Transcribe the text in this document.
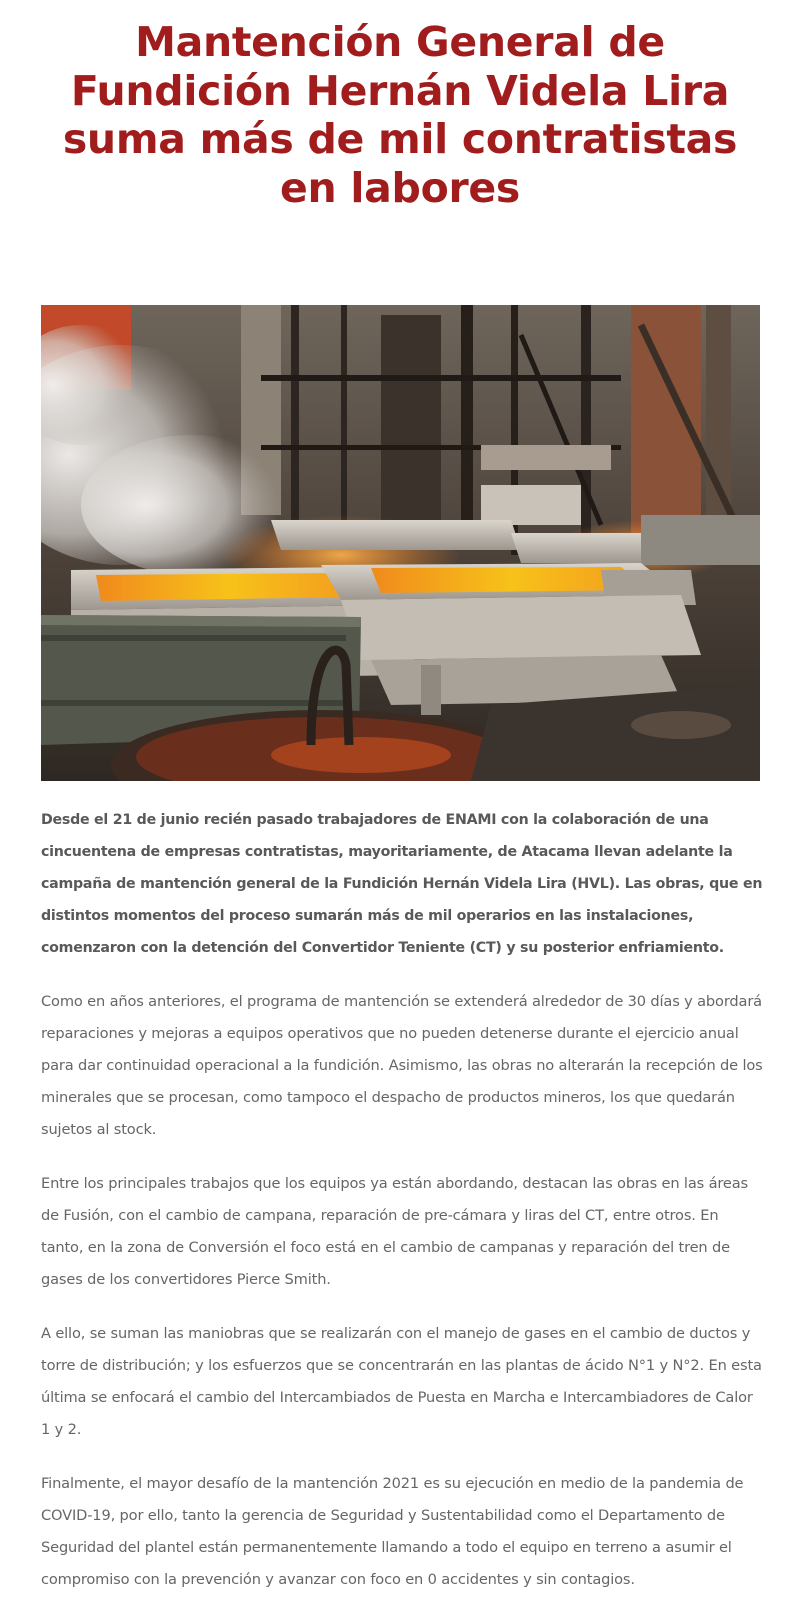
Mantención General de Fundición Hernán Videla Lira suma más de mil contratistas en labores

Desde el 21 de junio recién pasado trabajadores de ENAMI con la colaboración de una cincuentena de empresas contratistas, mayoritariamente, de Atacama llevan adelante la campaña de mantención general de la Fundición Hernán Videla Lira (HVL). Las obras, que en distintos momentos del proceso sumarán más de mil operarios en las instalaciones, comenzaron con la detención del Convertidor Teniente (CT) y su posterior enfriamiento.

Como en años anteriores, el programa de mantención se extenderá alrededor de 30 días y abordará reparaciones y mejoras a equipos operativos que no pueden detenerse durante el ejercicio anual para dar continuidad operacional a la fundición. Asimismo, las obras no alterarán la recepción de los minerales que se procesan, como tampoco el despacho de productos mineros, los que quedarán sujetos al stock.

Entre los principales trabajos que los equipos ya están abordando, destacan las obras en las áreas de Fusión, con el cambio de campana, reparación de pre-cámara y liras del CT, entre otros. En tanto, en la zona de Conversión el foco está en el cambio de campanas y reparación del tren de gases de los convertidores Pierce Smith.

A ello, se suman las maniobras que se realizarán con el manejo de gases en el cambio de ductos y torre de distribución; y los esfuerzos que se concentrarán en las plantas de ácido N°1 y N°2. En esta última se enfocará el cambio del Intercambiados de Puesta en Marcha e Intercambiadores de Calor 1 y 2.

Finalmente, el mayor desafío de la mantención 2021 es su ejecución en medio de la pandemia de COVID-19, por ello, tanto la gerencia de Seguridad y Sustentabilidad como el Departamento de Seguridad del plantel están permanentemente llamando a todo el equipo en terreno a asumir el compromiso con la prevención y avanzar con foco en 0 accidentes y sin contagios.
